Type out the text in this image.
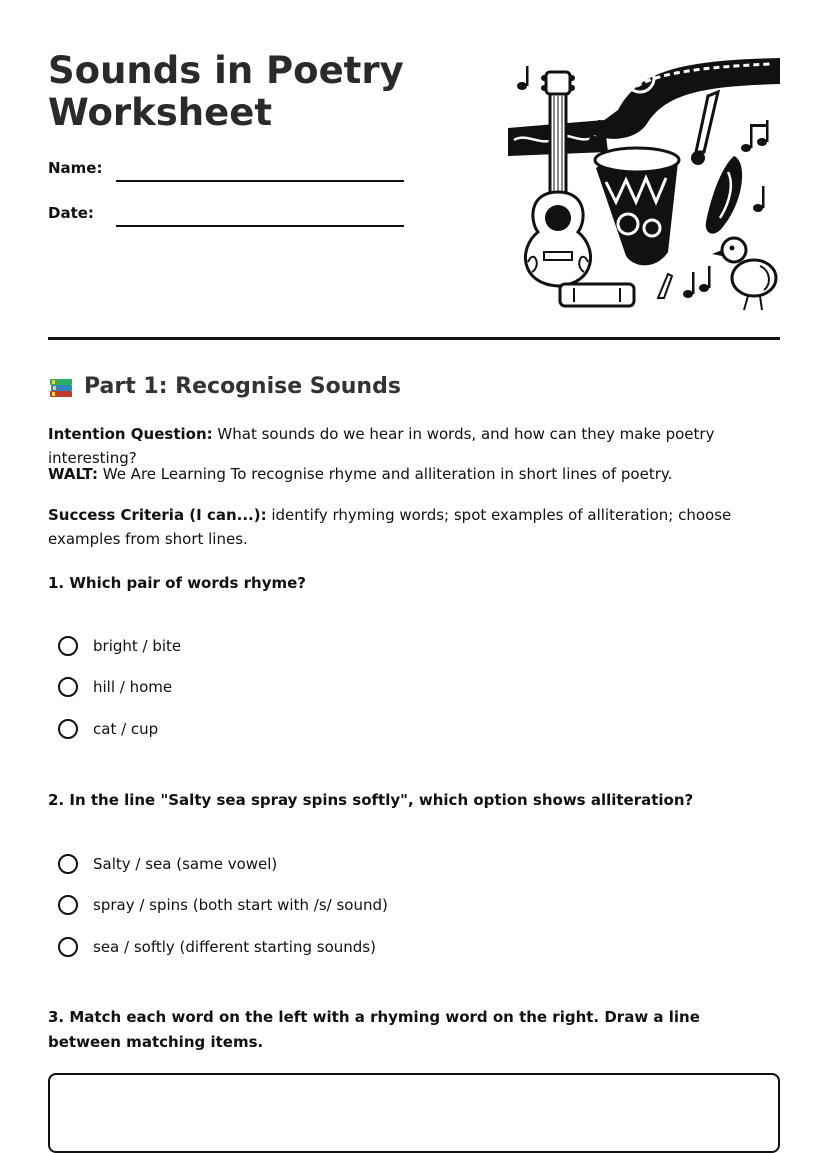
Sounds in Poetry Worksheet
Name:
Date:
Part 1: Recognise Sounds
Intention Question: What sounds do we hear in words, and how can they make poetry interesting?
WALT: We Are Learning To recognise rhyme and alliteration in short lines of poetry.
Success Criteria (I can...): identify rhyming words; spot examples of alliteration; choose examples from short lines.
1. Which pair of words rhyme?
bright / bite
hill / home
cat / cup
2. In the line "Salty sea spray spins softly", which option shows alliteration?
Salty / sea (same vowel)
spray / spins (both start with /s/ sound)
sea / softly (different starting sounds)
3. Match each word on the left with a rhyming word on the right. Draw a line between matching items.
